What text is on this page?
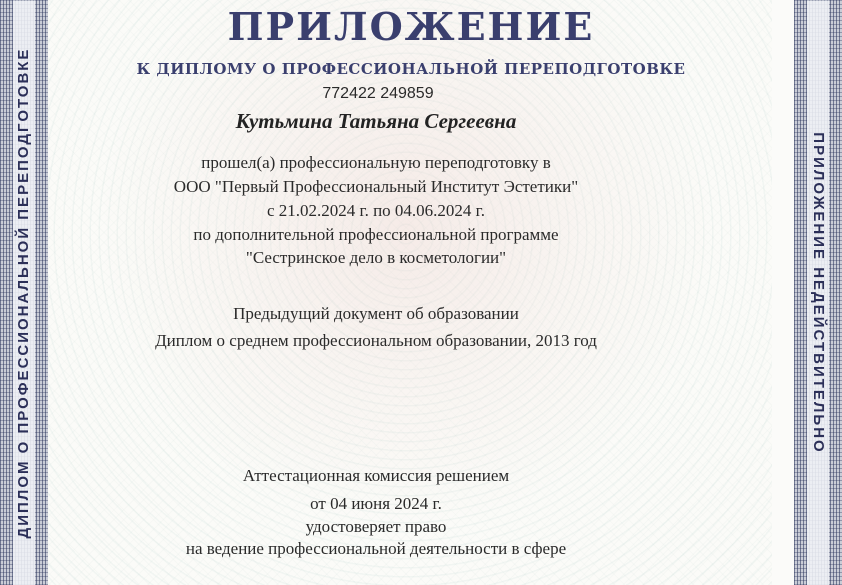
ДИПЛОМ О ПРОФЕССИОНАЛЬНОЙ ПЕРЕПОДГОТОВКЕ	ПРИЛОЖЕНИЕ НЕДЕЙСТВИТЕЛЬНО
ПРИЛОЖЕНИЕ
К ДИПЛОМУ О ПРОФЕССИОНАЛЬНОЙ ПЕРЕПОДГОТОВКЕ
772422 249859
Кутьмина Татьяна Сергеевна
прошел(а) профессиональную переподготовку в
ООО "Первый Профессиональный Институт Эстетики"
с 21.02.2024 г. по 04.06.2024 г.
по дополнительной профессиональной программе
"Сестринское дело в косметологии"
Предыдущий документ об образовании
Диплом о среднем профессиональном образовании, 2013 год
Аттестационная комиссия решением
от 04 июня 2024 г.
удостоверяет право
на ведение профессиональной деятельности в сфере
